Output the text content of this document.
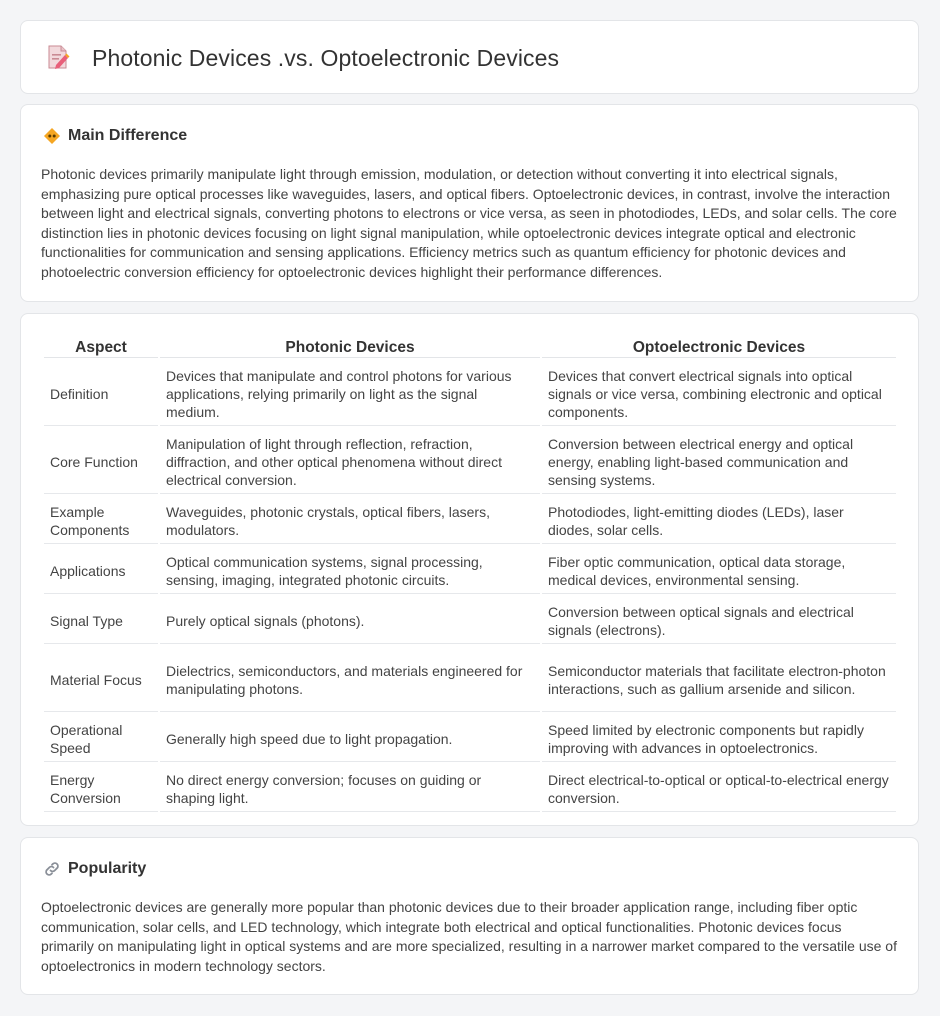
Photonic Devices .vs. Optoelectronic Devices
Main Difference

Photonic devices primarily manipulate light through emission, modulation, or detection without converting it into electrical signals, emphasizing pure optical processes like waveguides, lasers, and optical fibers. Optoelectronic devices, in contrast, involve the interaction between light and electrical signals, converting photons to electrons or vice versa, as seen in photodiodes, LEDs, and solar cells. The core distinction lies in photonic devices focusing on light signal manipulation, while optoelectronic devices integrate optical and electronic functionalities for communication and sensing applications. Efficiency metrics such as quantum efficiency for photonic devices and photoelectric conversion efficiency for optoelectronic devices highlight their performance differences.

Aspect	Photonic Devices	Optoelectronic Devices
Definition	Devices that manipulate and control photons for various applications, relying primarily on light as the signal medium.	Devices that convert electrical signals into optical signals or vice versa, combining electronic and optical components.
Core Function	Manipulation of light through reflection, refraction, diffraction, and other optical phenomena without direct electrical conversion.	Conversion between electrical energy and optical energy, enabling light-based communication and sensing systems.
Example Components	Waveguides, photonic crystals, optical fibers, lasers, modulators.	Photodiodes, light-emitting diodes (LEDs), laser diodes, solar cells.
Applications	Optical communication systems, signal processing, sensing, imaging, integrated photonic circuits.	Fiber optic communication, optical data storage, medical devices, environmental sensing.
Signal Type	Purely optical signals (photons).	Conversion between optical signals and electrical signals (electrons).
Material Focus	Dielectrics, semiconductors, and materials engineered for manipulating photons.	Semiconductor materials that facilitate electron-photon interactions, such as gallium arsenide and silicon.
Operational Speed	Generally high speed due to light propagation.	Speed limited by electronic components but rapidly improving with advances in optoelectronics.
Energy Conversion	No direct energy conversion; focuses on guiding or shaping light.	Direct electrical-to-optical or optical-to-electrical energy conversion.
Popularity

Optoelectronic devices are generally more popular than photonic devices due to their broader application range, including fiber optic communication, solar cells, and LED technology, which integrate both electrical and optical functionalities. Photonic devices focus primarily on manipulating light in optical systems and are more specialized, resulting in a narrower market compared to the versatile use of optoelectronics in modern technology sectors.
